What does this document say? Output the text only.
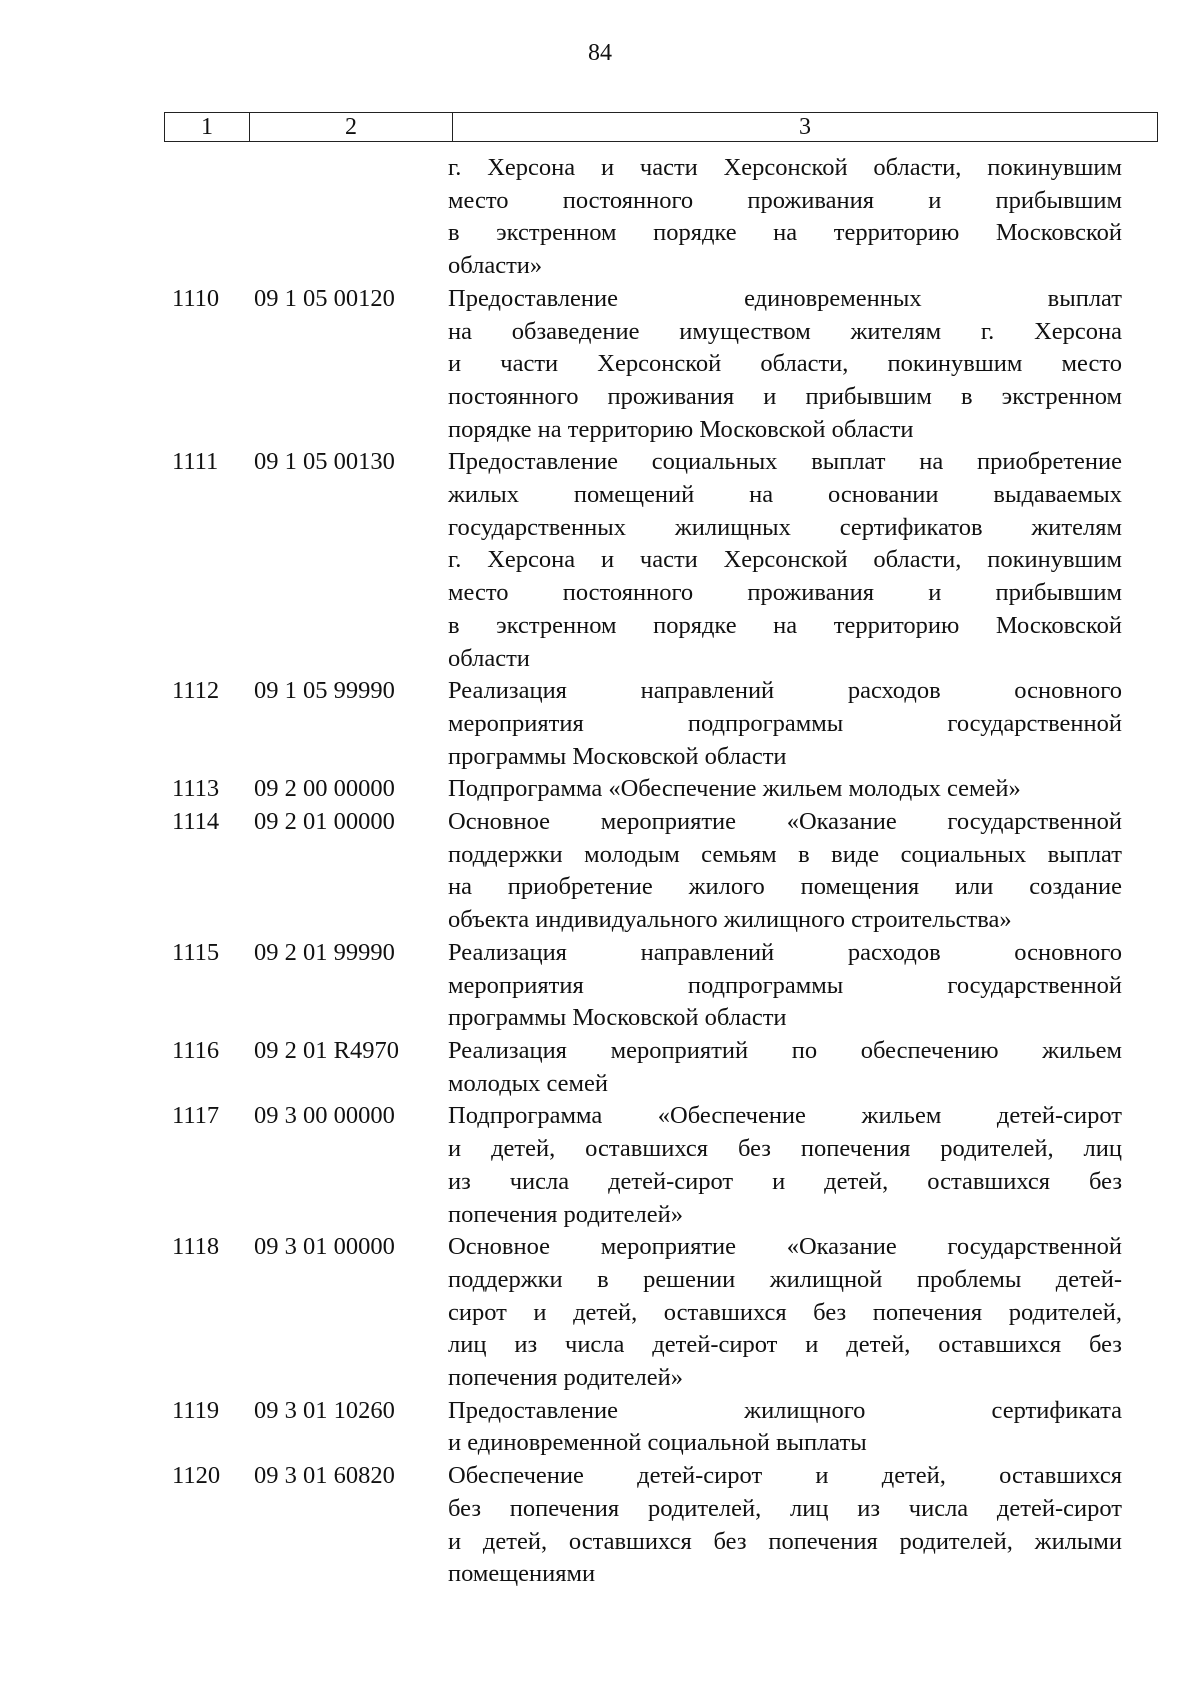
84
1	2	3
г. Херсона и части Херсонской области, покинувшим
место постоянного проживания и прибывшим
в экстренном порядке на территорию Московской
области»
1110	09 1 05 00120	Предоставление единовременных выплат
на обзаведение имуществом жителям г. Херсона
и части Херсонской области, покинувшим место
постоянного проживания и прибывшим в экстренном
порядке на территорию Московской области
1111	09 1 05 00130	Предоставление социальных выплат на приобретение
жилых помещений на основании выдаваемых
государственных жилищных сертификатов жителям
г. Херсона и части Херсонской области, покинувшим
место постоянного проживания и прибывшим
в экстренном порядке на территорию Московской
области
1112	09 1 05 99990	Реализация направлений расходов основного
мероприятия подпрограммы государственной
программы Московской области
1113	09 2 00 00000	Подпрограмма «Обеспечение жильем молодых семей»
1114	09 2 01 00000	Основное мероприятие «Оказание государственной
поддержки молодым семьям в виде социальных выплат
на приобретение жилого помещения или создание
объекта индивидуального жилищного строительства»
1115	09 2 01 99990	Реализация направлений расходов основного
мероприятия подпрограммы государственной
программы Московской области
1116	09 2 01 R4970	Реализация мероприятий по обеспечению жильем
молодых семей
1117	09 3 00 00000	Подпрограмма «Обеспечение жильем детей-сирот
и детей, оставшихся без попечения родителей, лиц
из числа детей-сирот и детей, оставшихся без
попечения родителей»
1118	09 3 01 00000	Основное мероприятие «Оказание государственной
поддержки в решении жилищной проблемы детей-
сирот и детей, оставшихся без попечения родителей,
лиц из числа детей-сирот и детей, оставшихся без
попечения родителей»
1119	09 3 01 10260	Предоставление жилищного сертификата
и единовременной социальной выплаты
1120	09 3 01 60820	Обеспечение детей-сирот и детей, оставшихся
без попечения родителей, лиц из числа детей-сирот
и детей, оставшихся без попечения родителей, жилыми
помещениями
